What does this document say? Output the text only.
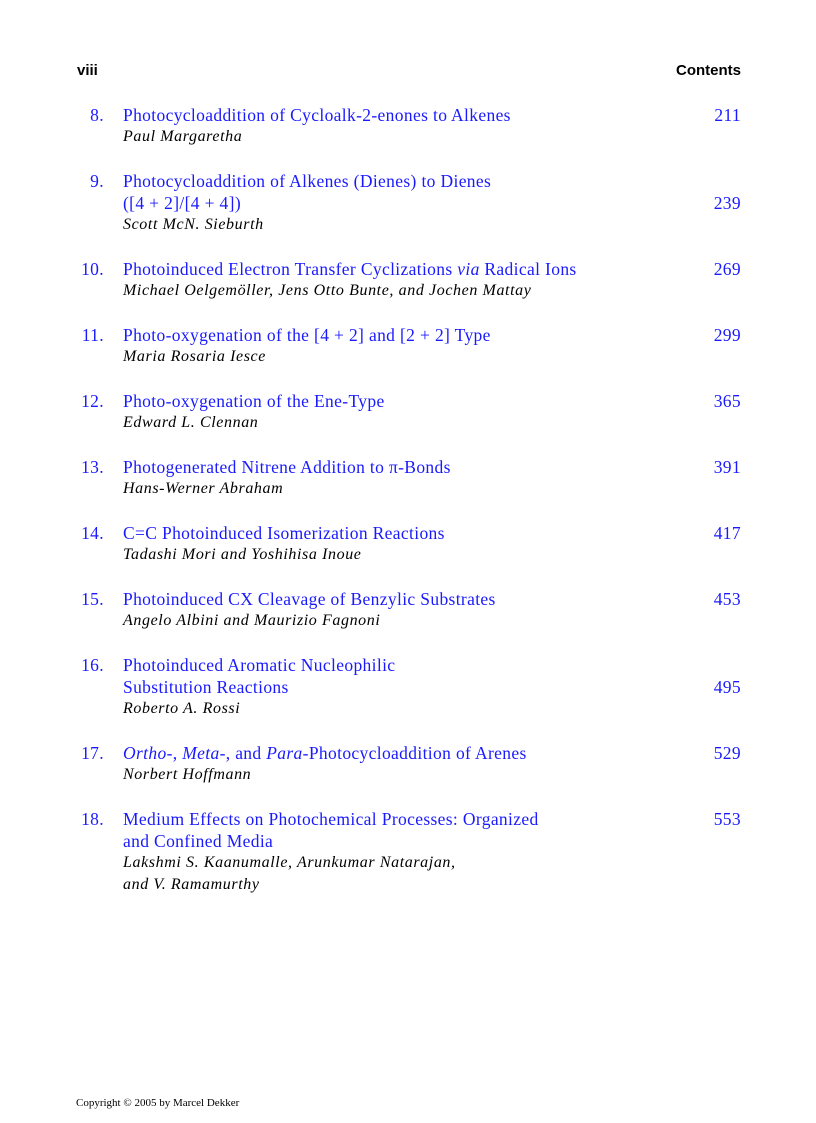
viii	Contents
8. Photocycloaddition of Cycloalk-2-enones to Alkenes
Paul Margaretha
211
9. Photocycloaddition of Alkenes (Dienes) to Dienes
([4 + 2]/[4 + 4])
Scott McN. Sieburth
239
10. Photoinduced Electron Transfer Cyclizations via Radical Ions
Michael Oelgemöller, Jens Otto Bunte, and Jochen Mattay
269
11. Photo-oxygenation of the [4 + 2] and [2 + 2] Type
Maria Rosaria Iesce
299
12. Photo-oxygenation of the Ene-Type
Edward L. Clennan
365
13. Photogenerated Nitrene Addition to π-Bonds
Hans-Werner Abraham
391
14. C=C Photoinduced Isomerization Reactions
Tadashi Mori and Yoshihisa Inoue
417
15. Photoinduced CX Cleavage of Benzylic Substrates
Angelo Albini and Maurizio Fagnoni
453
16. Photoinduced Aromatic Nucleophilic
Substitution Reactions
Roberto A. Rossi
495
17. Ortho-, Meta-, and Para-Photocycloaddition of Arenes
Norbert Hoffmann
529
18. Medium Effects on Photochemical Processes: Organized
and Confined Media
Lakshmi S. Kaanumalle, Arunkumar Natarajan,
and V. Ramamurthy
553
Copyright © 2005 by Marcel Dekker
